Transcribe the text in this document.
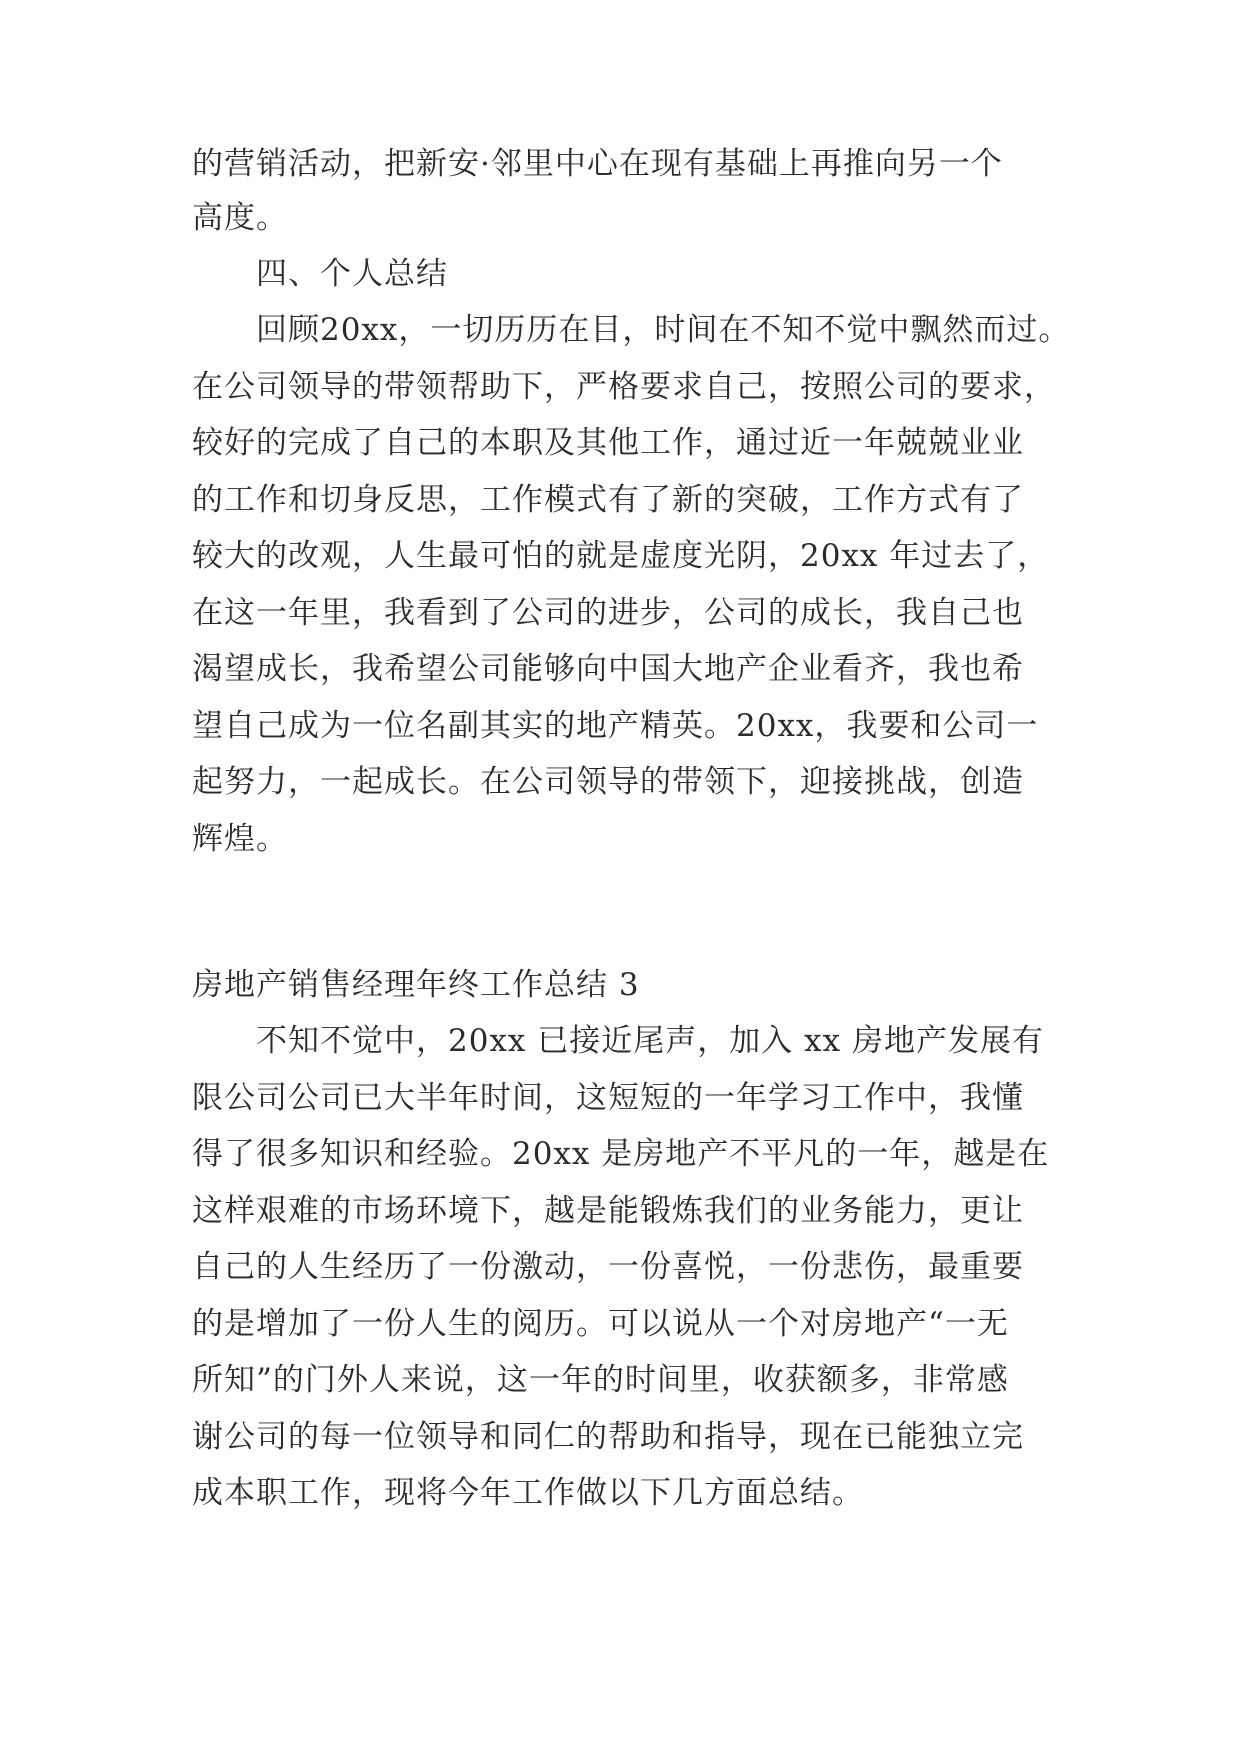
的营销活动，把新安·邻里中心在现有基础上再推向另一个
高度。
四、个人总结
回顾20xx，一切历历在目，时间在不知不觉中飘然而过。
在公司领导的带领帮助下，严格要求自己，按照公司的要求，
较好的完成了自己的本职及其他工作，通过近一年兢兢业业
的工作和切身反思，工作模式有了新的突破，工作方式有了
较大的改观，人生最可怕的就是虚度光阴，20xx 年过去了，
在这一年里，我看到了公司的进步，公司的成长，我自己也
渴望成长，我希望公司能够向中国大地产企业看齐，我也希
望自己成为一位名副其实的地产精英。20xx，我要和公司一
起努力，一起成长。在公司领导的带领下，迎接挑战，创造
辉煌。
房地产销售经理年终工作总结 3
不知不觉中，20xx 已接近尾声，加入 xx 房地产发展有
限公司公司已大半年时间，这短短的一年学习工作中，我懂
得了很多知识和经验。20xx 是房地产不平凡的一年，越是在
这样艰难的市场环境下，越是能锻炼我们的业务能力，更让
自己的人生经历了一份激动，一份喜悦，一份悲伤，最重要
的是增加了一份人生的阅历。可以说从一个对房地产“一无
所知”的门外人来说，这一年的时间里，收获额多，非常感
谢公司的每一位领导和同仁的帮助和指导，现在已能独立完
成本职工作，现将今年工作做以下几方面总结。
